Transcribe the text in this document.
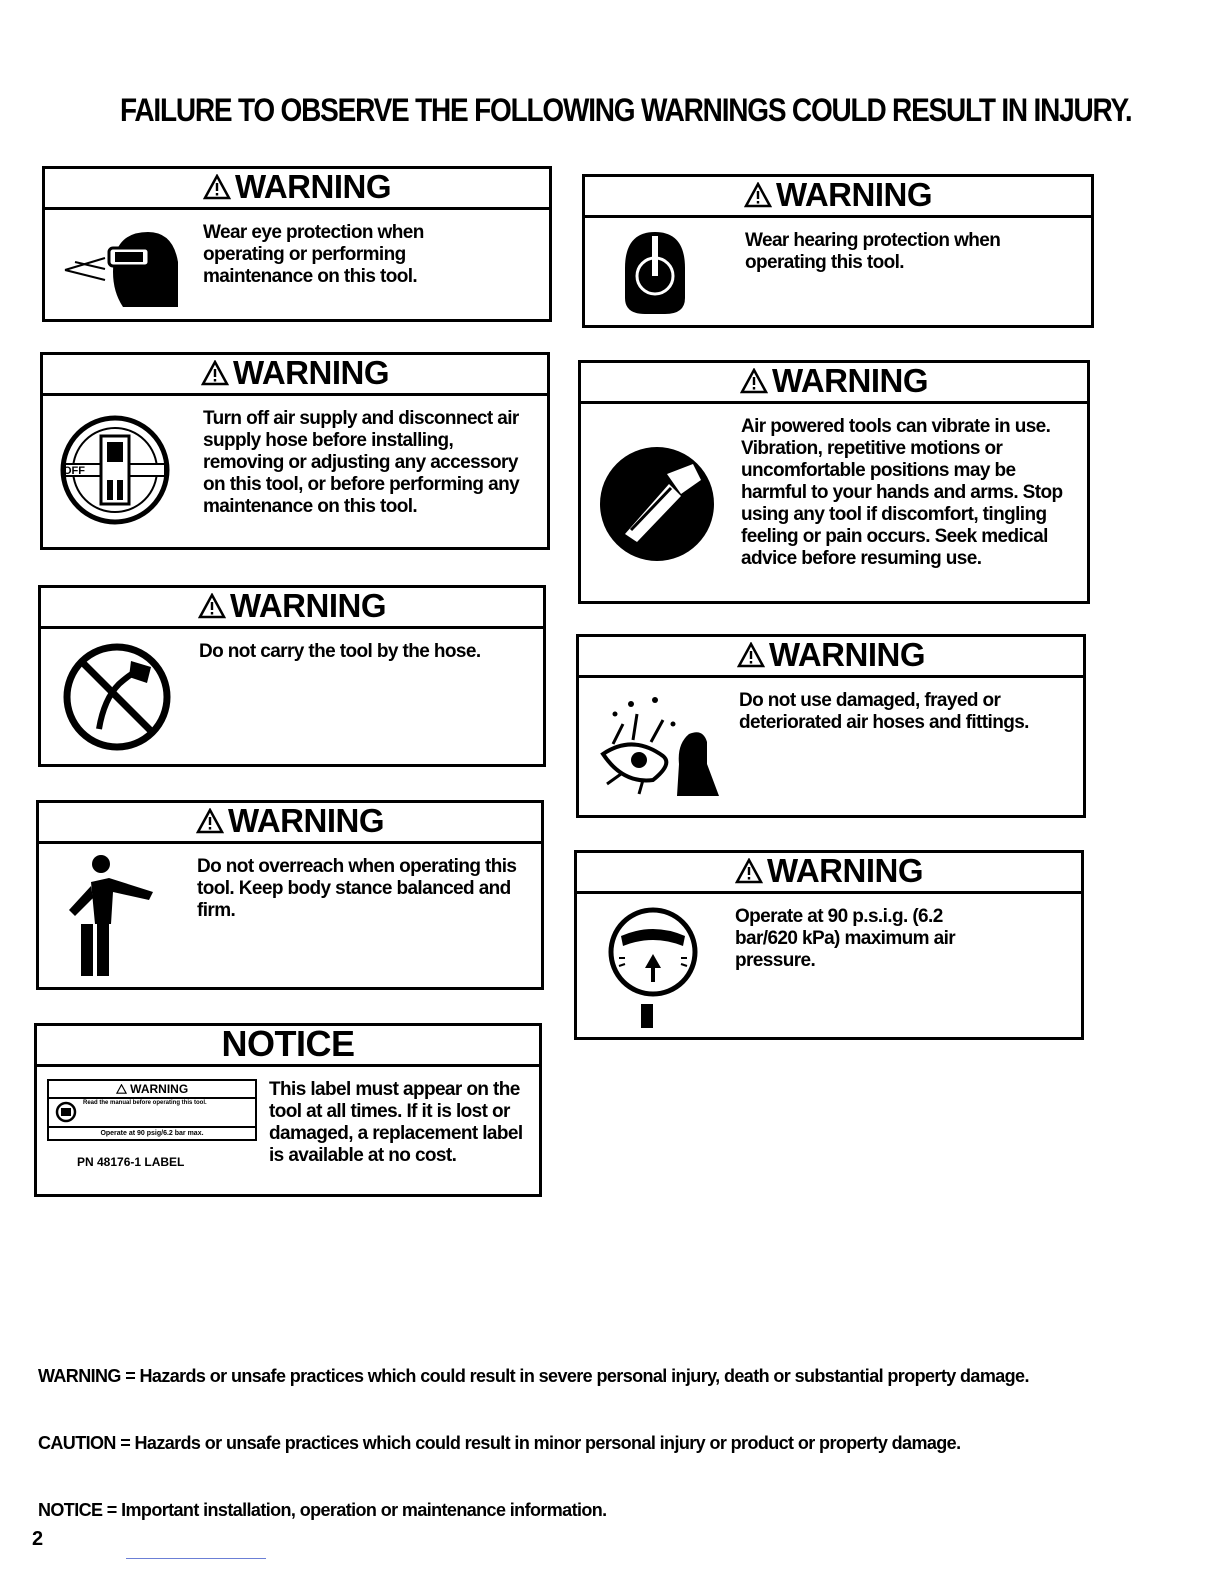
FAILURE TO OBSERVE THE FOLLOWING WARNINGS COULD RESULT IN INJURY.
WARNING
Wear eye protection when operating or performing maintenance on this tool.
WARNING
OFF
Turn off air supply and disconnect air supply hose before installing, removing or adjusting any accessory on this tool, or before performing any maintenance on this tool.
WARNING
Do not carry the tool by the hose.
WARNING
Do not overreach when operating this tool. Keep body stance balanced and firm.
NOTICE
WARNING
Read the manual before operating this tool.
Operate at 90 psig/6.2 bar max.
PN 48176-1 LABEL
This label must appear on the tool at all times. If it is lost or damaged, a replacement label is available at no cost.
WARNING
Wear hearing protection when operating this tool.
WARNING
Air powered tools can vibrate in use. Vibration, repetitive motions or uncomfortable positions may be harmful to your hands and arms. Stop using any tool if discomfort, tingling feeling or pain occurs. Seek medical advice before resuming use.
WARNING
Do not use damaged, frayed or deteriorated air hoses and fittings.
WARNING
Operate at 90 p.s.i.g. (6.2 bar/620 kPa) maximum air pressure.
WARNING = Hazards or unsafe practices which could result in severe personal injury, death or substantial property damage.
CAUTION = Hazards or unsafe practices which could result in minor personal injury or product or property damage.
NOTICE = Important installation, operation or maintenance information.
2
